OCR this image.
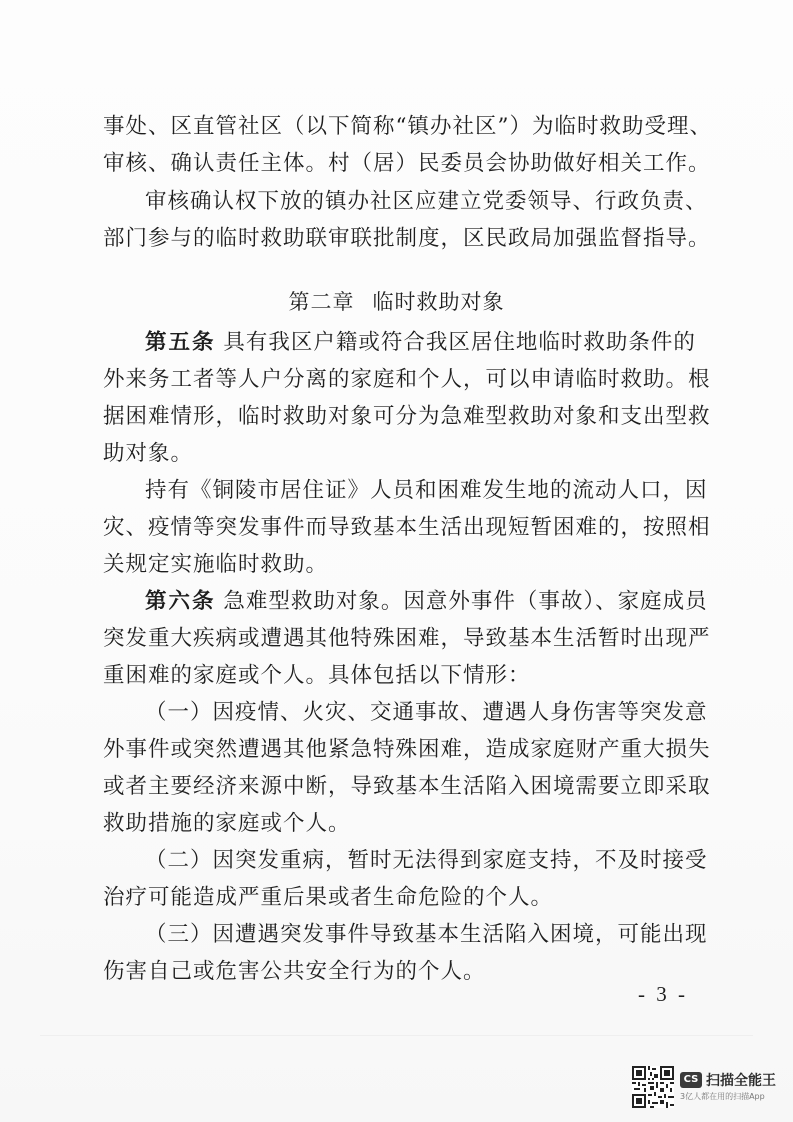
事处、区直管社区（以下简称“镇办社区”）为临时救助受理、
审核、确认责任主体。村（居）民委员会协助做好相关工作。
审核确认权下放的镇办社区应建立党委领导、行政负责、
部门参与的临时救助联审联批制度，区民政局加强监督指导。
第二章 临时救助对象
第五条 具有我区户籍或符合我区居住地临时救助条件的
外来务工者等人户分离的家庭和个人，可以申请临时救助。根
据困难情形，临时救助对象可分为急难型救助对象和支出型救
助对象。
持有《铜陵市居住证》人员和困难发生地的流动人口，因
灾、疫情等突发事件而导致基本生活出现短暂困难的，按照相
关规定实施临时救助。
第六条 急难型救助对象。因意外事件（事故）、家庭成员
突发重大疾病或遭遇其他特殊困难，导致基本生活暂时出现严
重困难的家庭或个人。具体包括以下情形：
（一）因疫情、火灾、交通事故、遭遇人身伤害等突发意
外事件或突然遭遇其他紧急特殊困难，造成家庭财产重大损失
或者主要经济来源中断，导致基本生活陷入困境需要立即采取
救助措施的家庭或个人。
（二）因突发重病，暂时无法得到家庭支持，不及时接受
治疗可能造成严重后果或者生命危险的个人。
（三）因遭遇突发事件导致基本生活陷入困境，可能出现
伤害自己或危害公共安全行为的个人。
- 3 -
CS 扫描全能王
3亿人都在用的扫描App
